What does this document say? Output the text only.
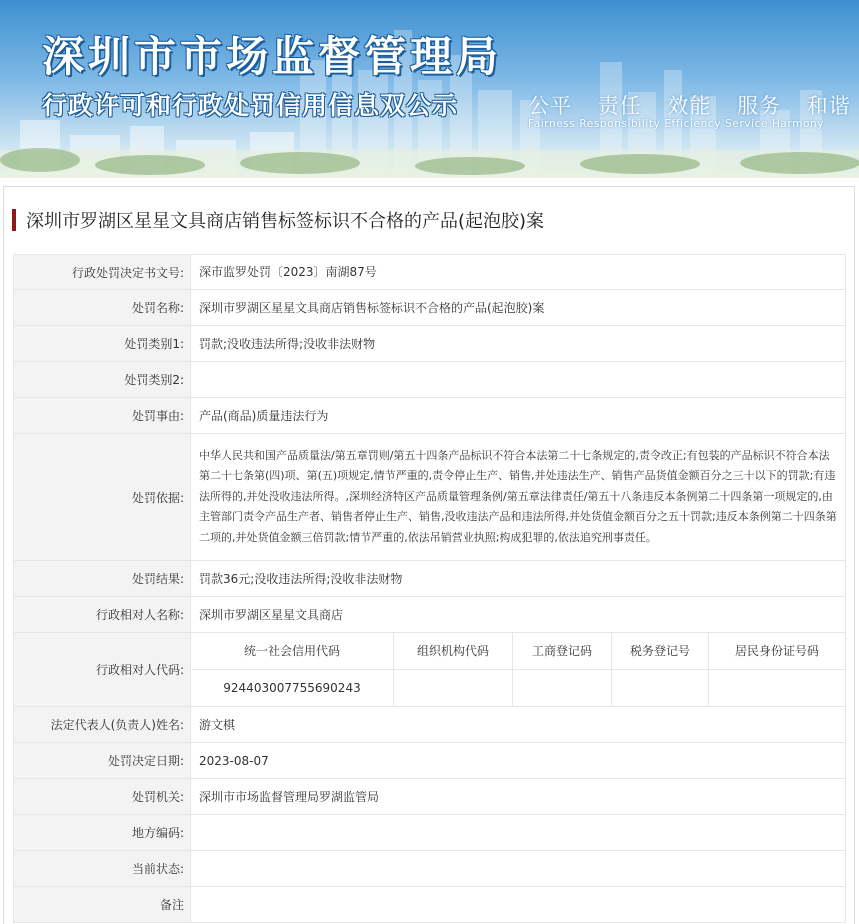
深圳市市场监督管理局
行政许可和行政处罚信用信息双公示	公平 责任 效能 服务 和谐
Fairness Responsibility Efficiency Service Harmony
深圳市罗湖区星星文具商店销售标签标识不合格的产品(起泡胶)案
行政处罚决定书文号:	深市监罗处罚〔2023〕南湖87号
处罚名称:	深圳市罗湖区星星文具商店销售标签标识不合格的产品(起泡胶)案
处罚类别1:	罚款;没收违法所得;没收非法财物
处罚类别2:	
处罚事由:	产品(商品)质量违法行为
处罚依据:	中华人民共和国产品质量法/第五章罚则/第五十四条产品标识不符合本法第二十七条规定的,责令改正;有包装的产品标识不符合本法第二十七条第(四)项、第(五)项规定,情节严重的,责令停止生产、销售,并处违法生产、销售产品货值金额百分之三十以下的罚款;有违法所得的,并处没收违法所得。,深圳经济特区产品质量管理条例/第五章法律责任/第五十八条违反本条例第二十四条第一项规定的,由主管部门责令产品生产者、销售者停止生产、销售,没收违法产品和违法所得,并处货值金额百分之五十罚款;违反本条例第二十四条第二项的,并处货值金额三倍罚款;情节严重的,依法吊销营业执照;构成犯罪的,依法追究刑事责任。
处罚结果:	罚款36元;没收违法所得;没收非法财物
行政相对人名称:	深圳市罗湖区星星文具商店
行政相对人代码:	
统一社会信用代码	组织机构代码	工商登记码	税务登记号	居民身份证号码
924403007755690243				

法定代表人(负责人)姓名:	游文棋
处罚决定日期:	2023-08-07
处罚机关:	深圳市市场监督管理局罗湖监管局
地方编码:	
当前状态:	
备注	
